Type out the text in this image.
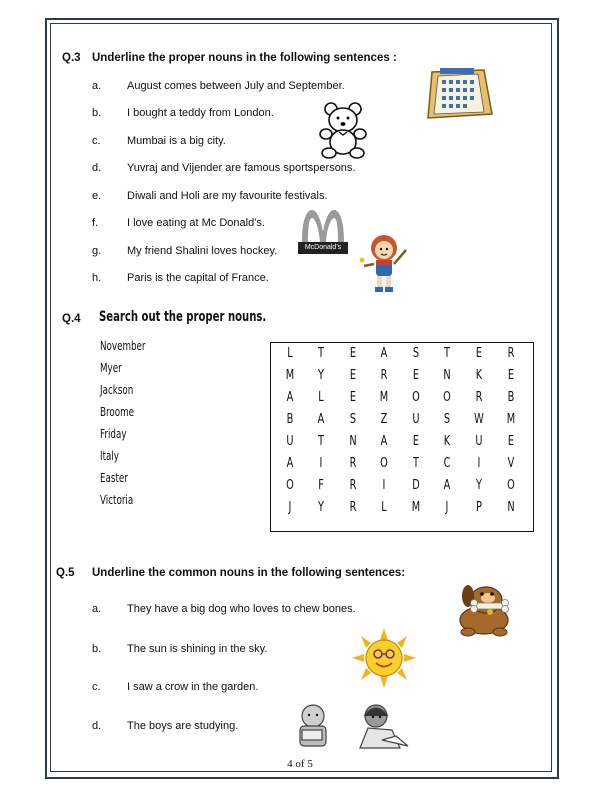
Q.3 Underline the proper nouns in the following sentences :
a. August comes between July and September.
b. I bought a teddy from London.
c. Mumbai is a big city.
d. Yuvraj and Vijender are famous sportspersons.
e. Diwali and Holi are my favourite festivals.
f.	I love eating at Mc Donald’s.
g. My friend Shalini loves hockey.
h. Paris is the capital of France.
McDonald's
Q.4 Search out the proper nouns.
November
Myer
Jackson
Broome
Friday
Italy
Easter
Victoria
L	T	E	A	S	T	E	R
M	Y	E	R	E	N	K	E
A	L	E	M O O	R	B
B	A	S	Z	U	S	W M
U	T	N	A	E	K	U	E
A	I	R	O	T	C	I	V
O	F	R	I	D	A	Y	O
J	Y	R	L	M	J	P	N
Q.5 Underline the common nouns in the following sentences:
a. They have a big dog who loves to chew bones.
b. The sun is shining in the sky.
c. I saw a crow in the garden.
d. The boys are studying.
4 of 5
